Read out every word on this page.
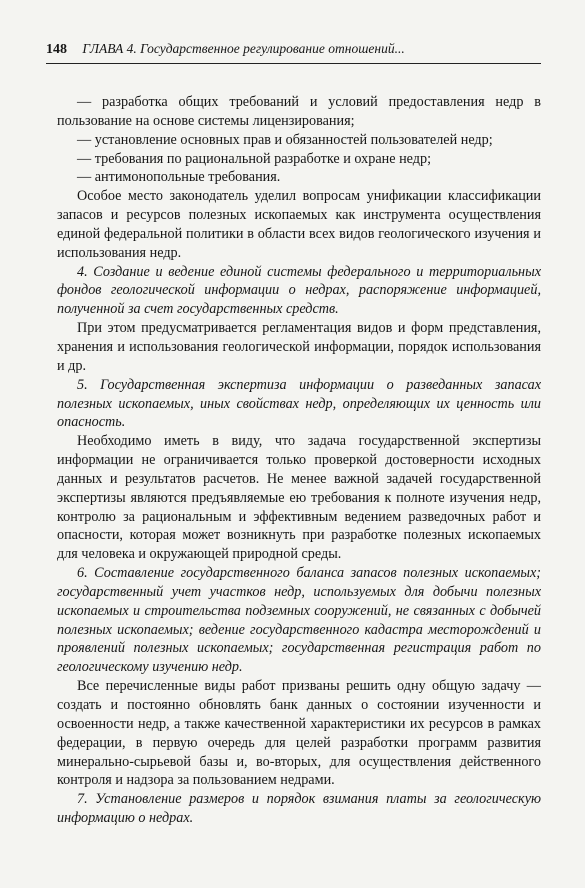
148 ГЛАВА 4. Государственное регулирование отношений...

— разработка общих требований и условий предоставления недр в пользование на основе системы лицензирования;

— установление основных прав и обязанностей пользователей недр;

— требования по рациональной разработке и охране недр;

— антимонопольные требования.

Особое место законодатель уделил вопросам унификации классификации запасов и ресурсов полезных ископаемых как инструмента осуществления единой федеральной политики в области всех видов геологического изучения и использования недр.

4. Создание и ведение единой системы федерального и территориальных фондов геологической информации о недрах, распоряжение информацией, полученной за счет государственных средств.

При этом предусматривается регламентация видов и форм представления, хранения и использования геологической информации, порядок использования и др.

5. Государственная экспертиза информации о разведанных запасах полезных ископаемых, иных свойствах недр, определяющих их ценность или опасность.

Необходимо иметь в виду, что задача государственной экспертизы информации не ограничивается только проверкой достоверности исходных данных и результатов расчетов. Не менее важной задачей государственной экспертизы являются предъявляемые ею требования к полноте изучения недр, контролю за рациональным и эффективным ведением разведочных работ и опасности, которая может возникнуть при разработке полезных ископаемых для человека и окружающей природной среды.

6. Составление государственного баланса запасов полезных ископаемых; государственный учет участков недр, используемых для добычи полезных ископаемых и строительства подземных сооружений, не связанных с добычей полезных ископаемых; ведение государственного кадастра месторождений и проявлений полезных ископаемых; государственная регистрация работ по геологическому изучению недр.

Все перечисленные виды работ призваны решить одну общую задачу — создать и постоянно обновлять банк данных о состоянии изученности и освоенности недр, а также качественной характеристики их ресурсов в рамках федерации, в первую очередь для целей разработки программ развития минерально-сырьевой базы и, во-вторых, для осуществления действенного контроля и надзора за пользованием недрами.

7. Установление размеров и порядок взимания платы за геологическую информацию о недрах.
